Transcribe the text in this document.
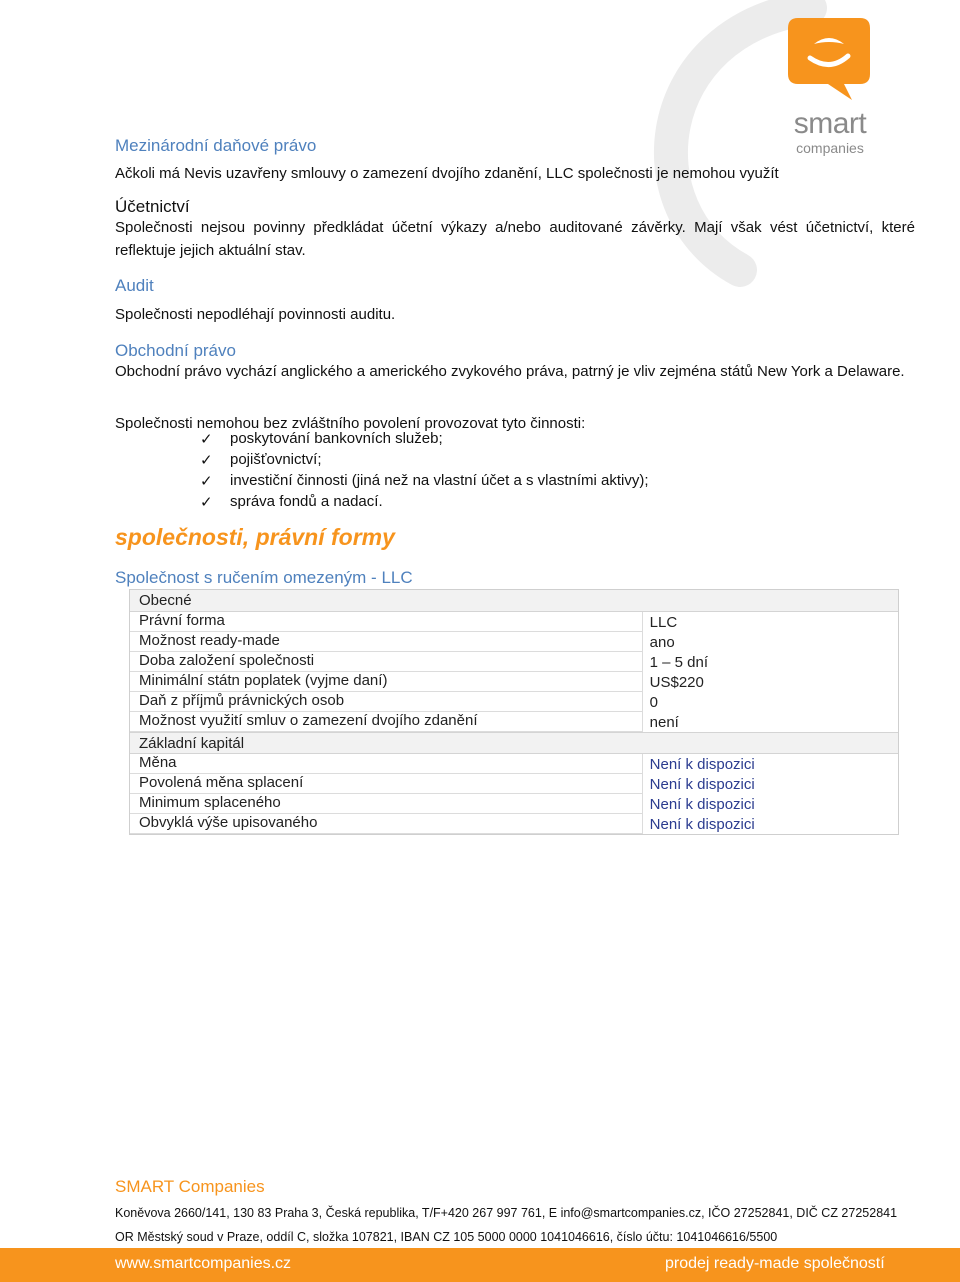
smart
companies
Mezinárodní daňové právo
Ačkoli má Nevis uzavřeny smlouvy o zamezení dvojího zdanění, LLC společnosti je nemohou využít
Účetnictví
Společnosti nejsou povinny předkládat účetní výkazy a/nebo auditované závěrky. Mají však vést účetnictví, které reflektuje jejich aktuální stav.
Audit
Společnosti nepodléhají povinnosti auditu.
Obchodní právo
Obchodní právo vychází anglického a amerického zvykového práva, patrný je vliv zejména států New York a Delaware.
Společnosti nemohou bez zvláštního povolení provozovat tyto činnosti:
✓	poskytování bankovních služeb;
✓	pojišťovnictví;
✓	investiční činnosti (jiná než na vlastní účet a s vlastními aktivy);
✓	správa fondů a nadací.
společnosti, právní formy
Společnost s ručením omezeným - LLC
Obecné
Právní forma	LLC
Možnost ready-made	ano
Doba založení společnosti	1 – 5 dní
Minimální státn poplatek (vyjme daní)	US$220
Daň z příjmů právnických osob	0
Možnost využití smluv o zamezení dvojího zdanění	není
Základní kapitál
Měna	Není k dispozici
Povolená měna splacení	Není k dispozici
Minimum splaceného	Není k dispozici
Obvyklá výše upisovaného	Není k dispozici
SMART Companies
Koněvova 2660/141, 130 83 Praha 3, Česká republika, T/F+420 267 997 761, E info@smartcompanies.cz, IČO 27252841, DIČ CZ 27252841
OR Městský soud v Praze, oddíl C, složka 107821, IBAN CZ 105 5000 0000 1041046616, číslo účtu: 1041046616/5500
www.smartcompanies.cz	prodej ready-made společností
